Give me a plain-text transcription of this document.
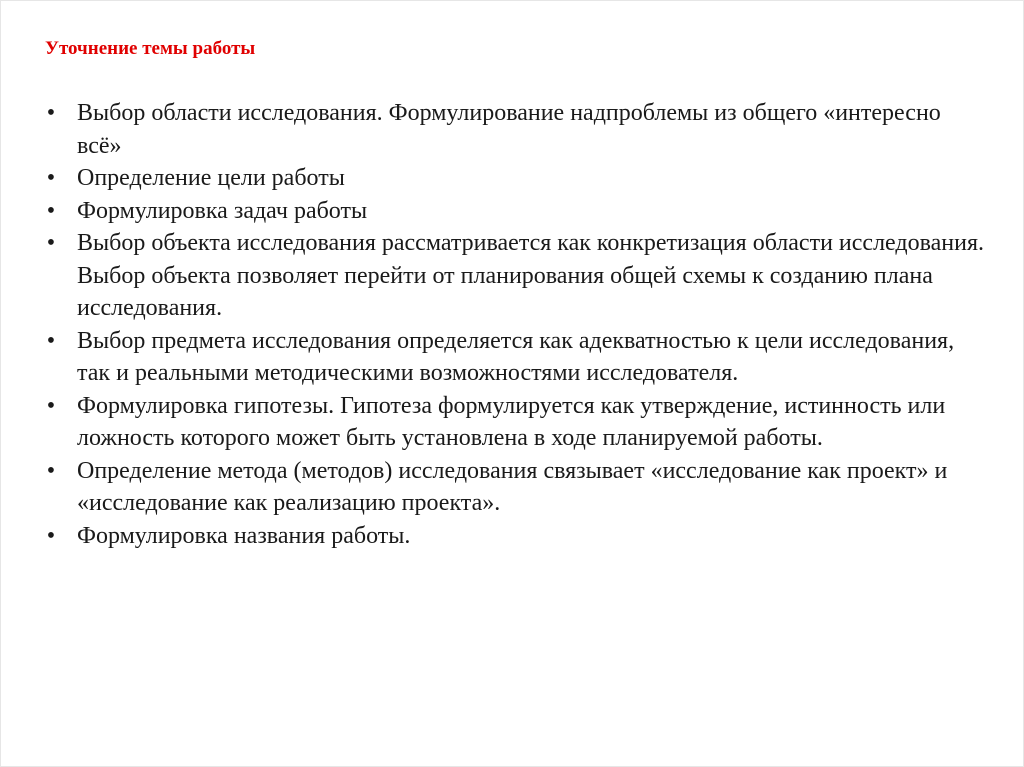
Уточнение темы работы
• Выбор области исследования. Формулирование надпроблемы из общего «интересно всё»
• Определение цели работы
• Формулировка задач работы
• Выбор объекта исследования рассматривается как конкретизация области исследования. Выбор объекта позволяет перейти от планирования общей схемы к созданию плана исследования.
• Выбор предмета исследования определяется как адекватностью к цели исследования, так и реальными методическими возможностями исследователя.
• Формулировка гипотезы. Гипотеза формулируется как утверждение, истинность или ложность которого может быть установлена в ходе планируемой работы.
• Определение метода (методов) исследования связывает «исследование как проект» и «исследование как реализацию проекта».
• Формулировка названия работы.
